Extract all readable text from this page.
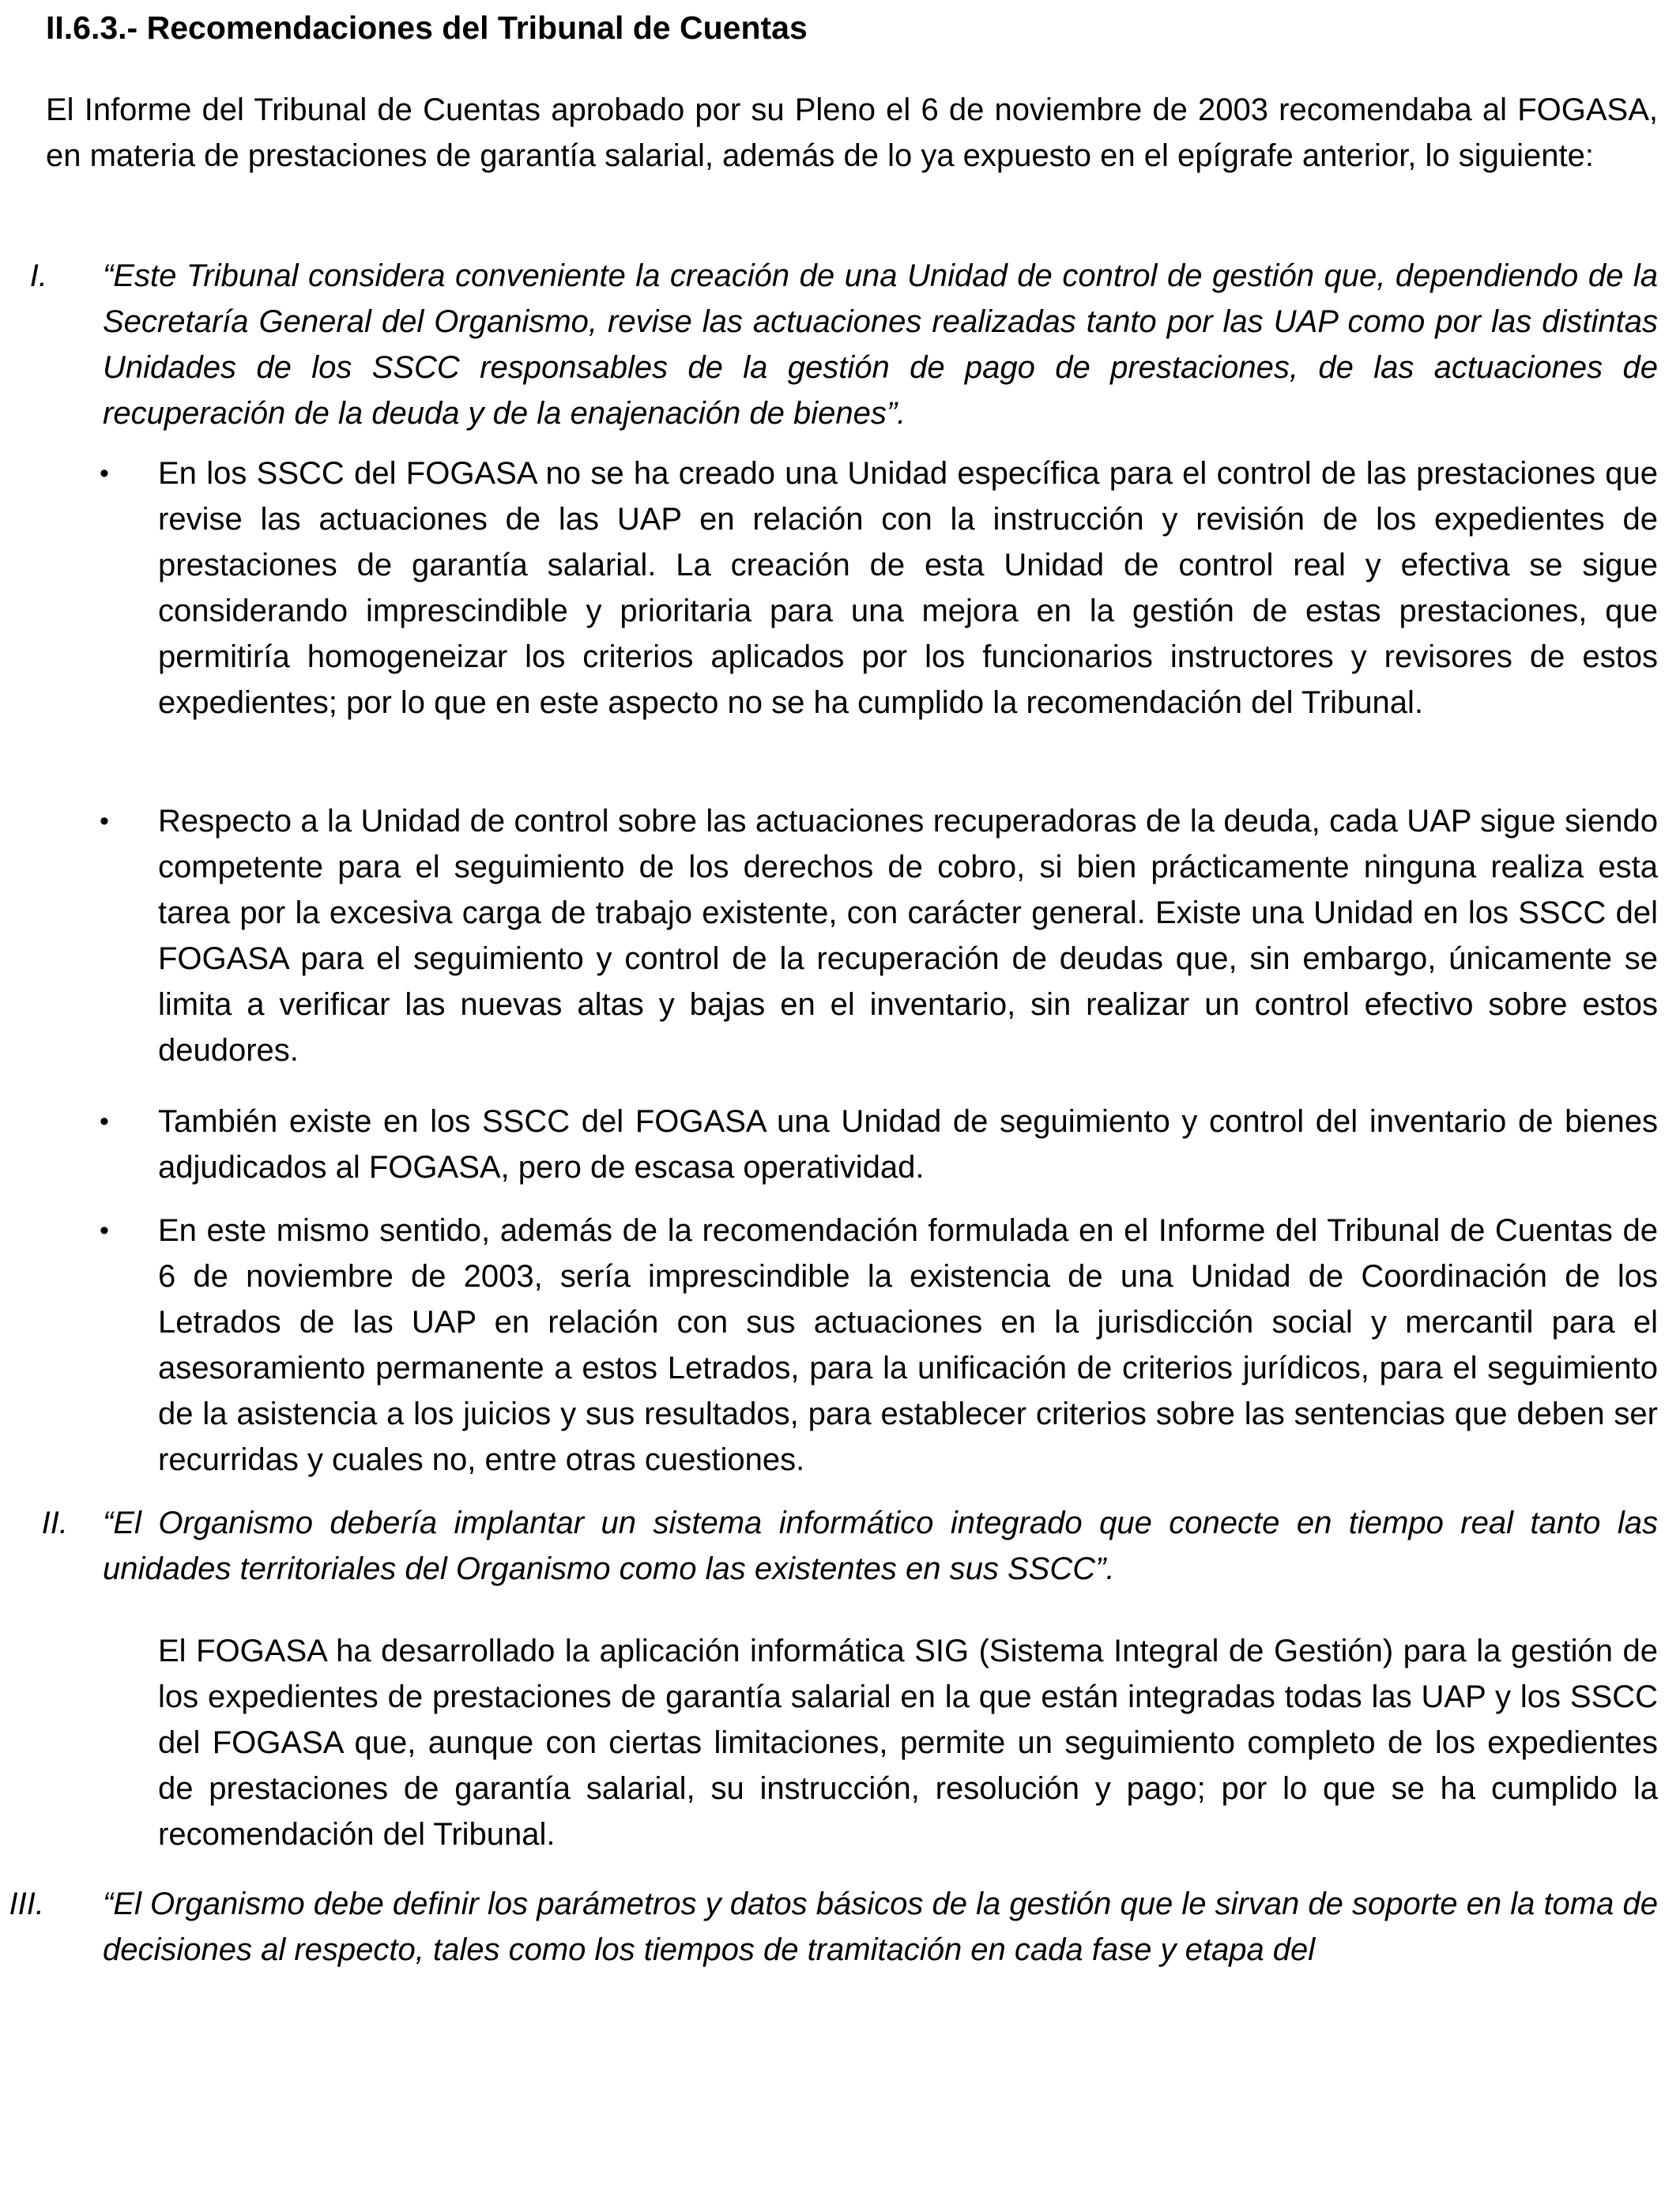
II.6.3.- Recomendaciones del Tribunal de Cuentas

El Informe del Tribunal de Cuentas aprobado por su Pleno el 6 de noviembre de 2003 recomendaba al FOGASA, en materia de prestaciones de garantía salarial, además de lo ya expuesto en el epígrafe anterior, lo siguiente:

I. “Este Tribunal considera conveniente la creación de una Unidad de control de gestión que, dependiendo de la Secretaría General del Organismo, revise las actuaciones realizadas tanto por las UAP como por las distintas Unidades de los SSCC responsables de la gestión de pago de prestaciones, de las actuaciones de recuperación de la deuda y de la enajenación de bienes”.

• En los SSCC del FOGASA no se ha creado una Unidad específica para el control de las prestaciones que revise las actuaciones de las UAP en relación con la instrucción y revisión de los expedientes de prestaciones de garantía salarial. La creación de esta Unidad de control real y efectiva se sigue considerando imprescindible y prioritaria para una mejora en la gestión de estas prestaciones, que permitiría homogeneizar los criterios aplicados por los funcionarios instructores y revisores de estos expedientes; por lo que en este aspecto no se ha cumplido la recomendación del Tribunal.

• Respecto a la Unidad de control sobre las actuaciones recuperadoras de la deuda, cada UAP sigue siendo competente para el seguimiento de los derechos de cobro, si bien prácticamente ninguna realiza esta tarea por la excesiva carga de trabajo existente, con carácter general. Existe una Unidad en los SSCC del FOGASA para el seguimiento y control de la recuperación de deudas que, sin embargo, únicamente se limita a verificar las nuevas altas y bajas en el inventario, sin realizar un control efectivo sobre estos deudores.

• También existe en los SSCC del FOGASA una Unidad de seguimiento y control del inventario de bienes adjudicados al FOGASA, pero de escasa operatividad.

• En este mismo sentido, además de la recomendación formulada en el Informe del Tribunal de Cuentas de 6 de noviembre de 2003, sería imprescindible la existencia de una Unidad de Coordinación de los Letrados de las UAP en relación con sus actuaciones en la jurisdicción social y mercantil para el asesoramiento permanente a estos Letrados, para la unificación de criterios jurídicos, para el seguimiento de la asistencia a los juicios y sus resultados, para establecer criterios sobre las sentencias que deben ser recurridas y cuales no, entre otras cuestiones.

II. “El Organismo debería implantar un sistema informático integrado que conecte en tiempo real tanto las unidades territoriales del Organismo como las existentes en sus SSCC”.

El FOGASA ha desarrollado la aplicación informática SIG (Sistema Integral de Gestión) para la gestión de los expedientes de prestaciones de garantía salarial en la que están integradas todas las UAP y los SSCC del FOGASA que, aunque con ciertas limitaciones, permite un seguimiento completo de los expedientes de prestaciones de garantía salarial, su instrucción, resolución y pago; por lo que se ha cumplido la recomendación del Tribunal.

III. “El Organismo debe definir los parámetros y datos básicos de la gestión que le sirvan de soporte en la toma de decisiones al respecto, tales como los tiempos de tramitación en cada fase y etapa del
